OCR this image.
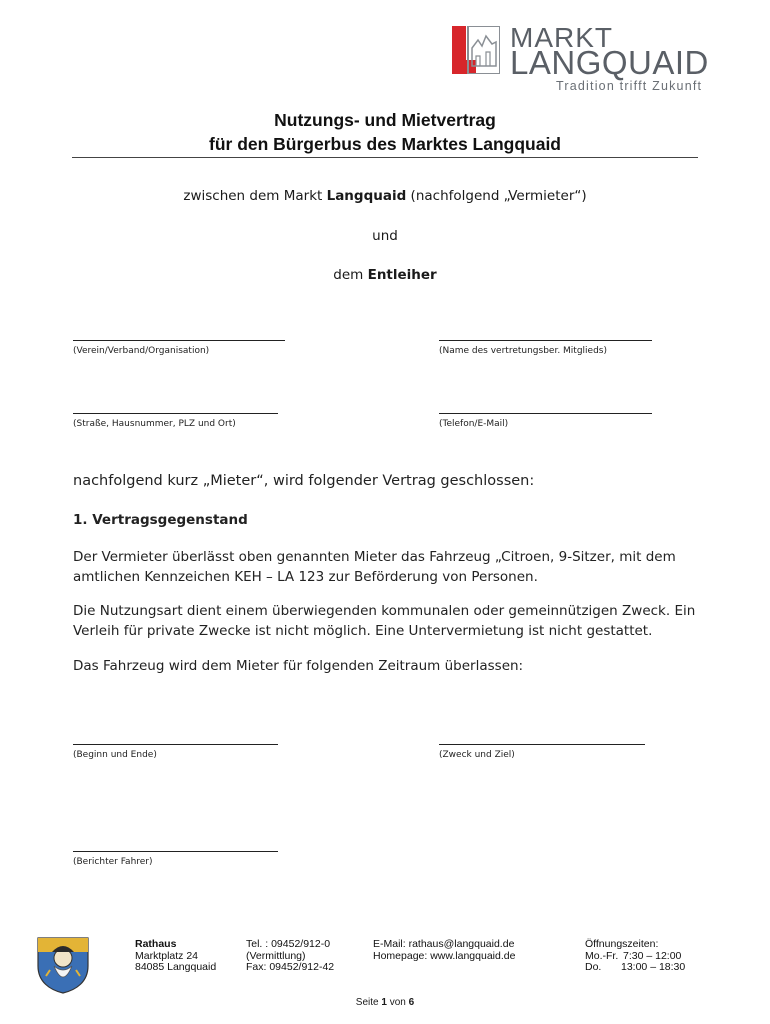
MARKT
LANGQUAID
Tradition trifft Zukunft
Nutzungs- und Mietvertrag
für den Bürgerbus des Marktes Langquaid
zwischen dem Markt Langquaid (nachfolgend „Vermieter“)
und
dem Entleiher
(Verein/Verband/Organisation)	(Name des vertretungsber. Mitglieds)
(Straße, Hausnummer, PLZ und Ort)	(Telefon/E-Mail)
nachfolgend kurz „Mieter“, wird folgender Vertrag geschlossen:
1. Vertragsgegenstand
Der Vermieter überlässt oben genannten Mieter das Fahrzeug „Citroen, 9-Sitzer, mit dem amtlichen Kennzeichen KEH – LA 123 zur Beförderung von Personen.
Die Nutzungsart dient einem überwiegenden kommunalen oder gemeinnützigen Zweck. Ein Verleih für private Zwecke ist nicht möglich. Eine Untervermietung ist nicht gestattet.
Das Fahrzeug wird dem Mieter für folgenden Zeitraum überlassen:
(Beginn und Ende)	(Zweck und Ziel)
(Berichter Fahrer)
Rathaus
Marktplatz 24
84085 Langquaid
Tel. : 09452/912-0
(Vermittlung)
Fax: 09452/912-42
E-Mail: rathaus@langquaid.de
Homepage: www.langquaid.de
Öffnungszeiten:
Mo.-Fr. 7:30 – 12:00
Do. 13:00 – 18:30
Seite 1 von 6
